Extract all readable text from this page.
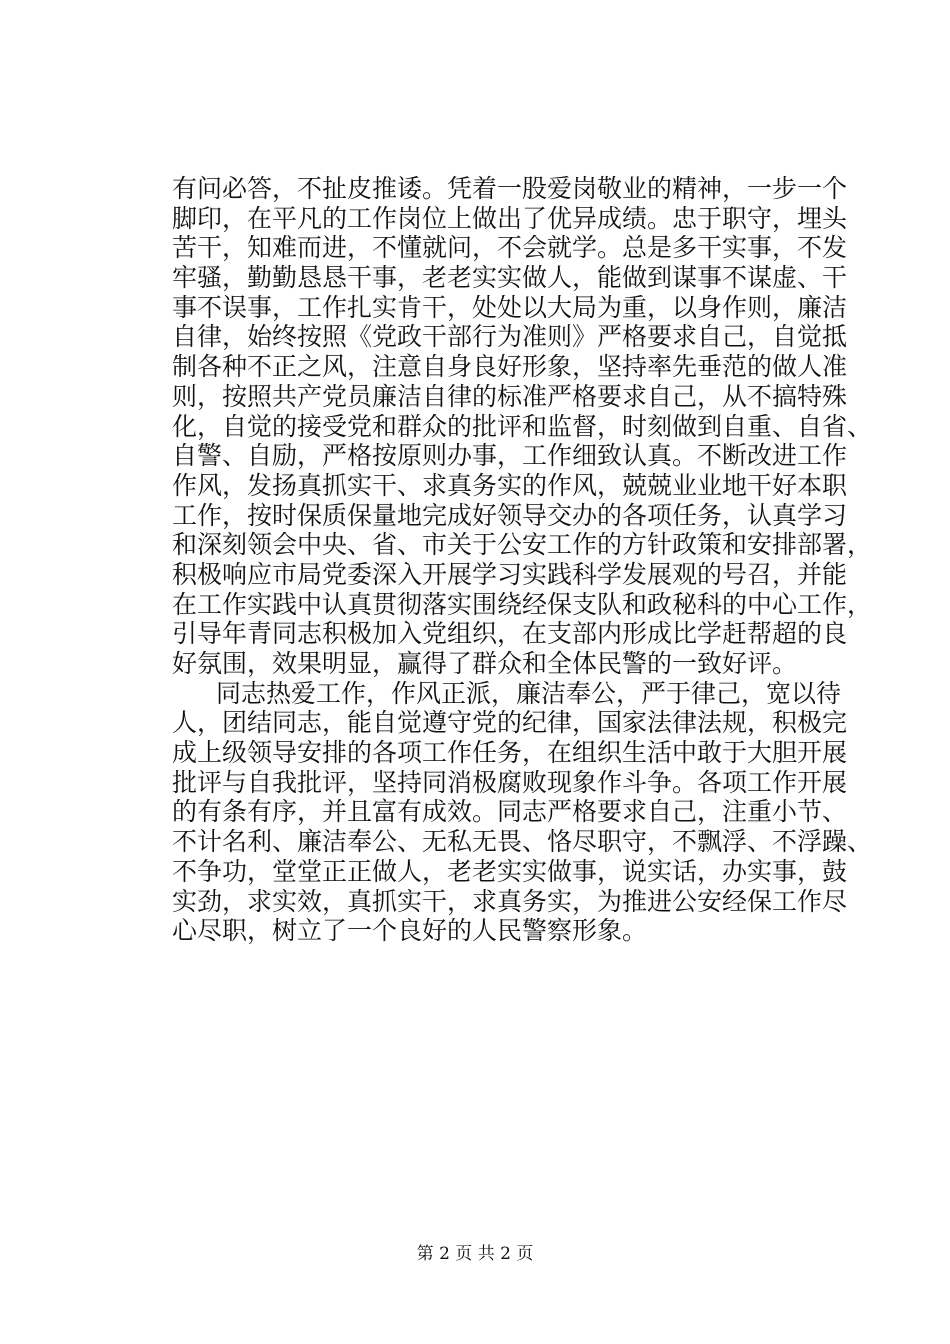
有问必答，不扯皮推诿。凭着一股爱岗敬业的精神，一步一个
脚印，在平凡的工作岗位上做出了优异成绩。忠于职守，埋头
苦干，知难而进，不懂就问，不会就学。总是多干实事，不发
牢骚，勤勤恳恳干事，老老实实做人，能做到谋事不谋虚、干
事不误事，工作扎实肯干，处处以大局为重，以身作则，廉洁
自律，始终按照《党政干部行为准则》严格要求自己，自觉抵
制各种不正之风，注意自身良好形象，坚持率先垂范的做人准
则，按照共产党员廉洁自律的标准严格要求自己，从不搞特殊
化，自觉的接受党和群众的批评和监督，时刻做到自重、自省、
自警、自励，严格按原则办事，工作细致认真。不断改进工作
作风，发扬真抓实干、求真务实的作风，兢兢业业地干好本职
工作，按时保质保量地完成好领导交办的各项任务，认真学习
和深刻领会中央、省、市关于公安工作的方针政策和安排部署，
积极响应市局党委深入开展学习实践科学发展观的号召，并能
在工作实践中认真贯彻落实围绕经保支队和政秘科的中心工作，
引导年青同志积极加入党组织，在支部内形成比学赶帮超的良
好氛围，效果明显，赢得了群众和全体民警的一致好评。
同志热爱工作，作风正派，廉洁奉公，严于律己，宽以待
人，团结同志，能自觉遵守党的纪律，国家法律法规，积极完
成上级领导安排的各项工作任务，在组织生活中敢于大胆开展
批评与自我批评，坚持同消极腐败现象作斗争。各项工作开展
的有条有序，并且富有成效。同志严格要求自己，注重小节、
不计名利、廉洁奉公、无私无畏、恪尽职守，不飘浮、不浮躁、
不争功，堂堂正正做人，老老实实做事，说实话，办实事，鼓
实劲，求实效，真抓实干，求真务实，为推进公安经保工作尽
心尽职，树立了一个良好的人民警察形象。
第 2 页 共 2 页
